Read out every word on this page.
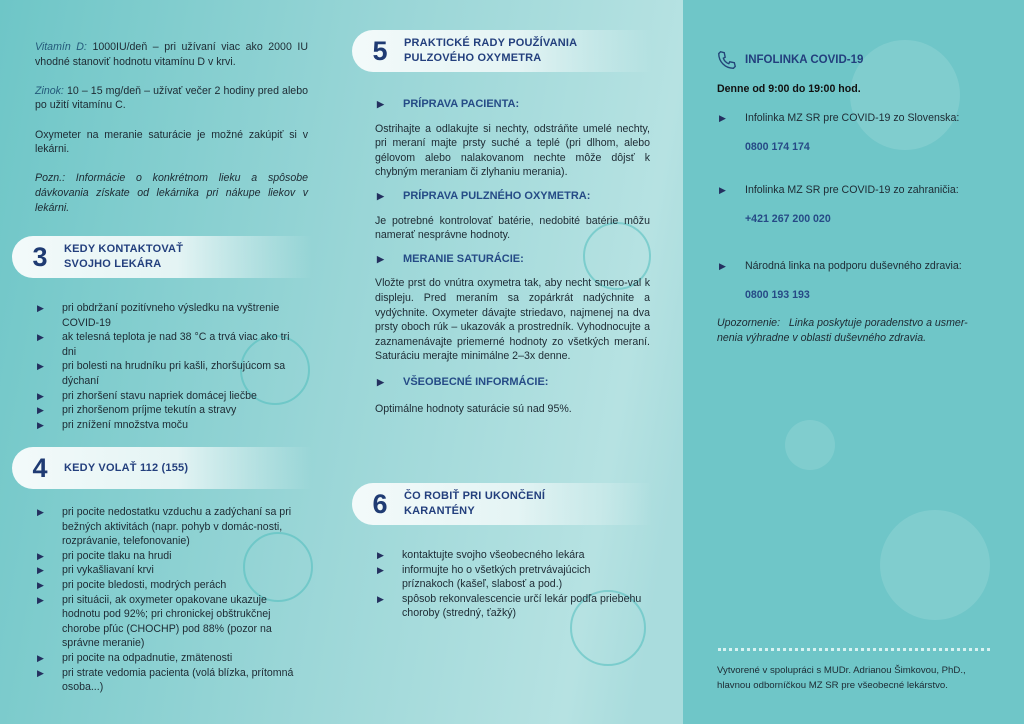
Vitamín D: 1000IU/deň – pri užívaní viac ako 2000 IU vhodné stanoviť hodnotu vitamínu D v krvi.

Zinok: 10 – 15 mg/deň – užívať večer 2 hodiny pred alebo po užití vitamínu C.

Oxymeter na meranie saturácie je možné zakúpiť si v lekárni.

Pozn.: Informácie o konkrétnom lieku a spôsobe dávkovania získate od lekárnika pri nákupe liekov v lekárni.

3	KEDY KONTAKTOVAŤ
SVOJHO LEKÁRA
▶	pri obdržaní pozitívneho výsledku na vyštrenie COVID-19
▶	ak telesná teplota je nad 38 °C a trvá viac ako tri dni
▶	pri bolesti na hrudníku pri kašli, zhoršujúcom sa dýchaní
▶	pri zhoršení stavu napriek domácej liečbe
▶	pri zhoršenom príjme tekutín a stravy
▶	pri znížení množstva moču
4	KEDY VOLAŤ 112 (155)
▶	pri pocite nedostatku vzduchu a zadýchaní sa pri bežných aktivitách (napr. pohyb v domác-nosti, rozprávanie, telefonovanie)
▶	pri pocite tlaku na hrudi
▶	pri vykašliavaní krvi
▶	pri pocite bledosti, modrých perách
▶	pri situácii, ak oxymeter opakovane ukazuje hodnotu pod 92%; pri chronickej obštrukčnej chorobe pľúc (CHOCHP) pod 88% (pozor na správne meranie)
▶	pri pocite na odpadnutie, zmätenosti
▶	pri strate vedomia pacienta (volá blízka, prítomná osoba...)
5	PRAKTICKÉ RADY POUŽÍVANIA
PULZOVÉHO OXYMETRA
▶	PRÍPRAVA PACIENTA:

Ostrihajte a odlakujte si nechty, odstráňte umelé nechty, pri meraní majte prsty suché a teplé (pri dlhom, alebo gélovom alebo nalakovanom nechte môže dôjsť k chybným meraniam či zlyhaniu merania).

▶	PRÍPRAVA PULZNÉHO OXYMETRA:

Je potrebné kontrolovať batérie, nedobité batérie môžu namerať nesprávne hodnoty.

▶	MERANIE SATURÁCIE:

Vložte prst do vnútra oxymetra tak, aby necht smero-val k displeju. Pred meraním sa zopárkrát nadýchnite a vydýchnite. Oxymeter dávajte striedavo, najmenej na dva prsty oboch rúk – ukazovák a prostredník. Vyhodnocujte a zaznamenávajte priemerné hodnoty zo všetkých meraní. Saturáciu merajte minimálne 2–3x denne.

▶	VŠEOBECNÉ INFORMÁCIE:

Optimálne hodnoty saturácie sú nad 95%.

6	ČO ROBIŤ PRI UKONČENÍ
KARANTÉNY
▶	kontaktujte svojho všeobecného lekára
▶	informujte ho o všetkých pretrvávajúcich príznakoch (kašeľ, slabosť a pod.)
▶	spôsob rekonvalescencie určí lekár podľa priebehu choroby (stredný, ťažký)
INFOLINKA COVID-19
Denne od 9:00 do 19:00 hod.
▶	Infolinka MZ SR pre COVID-19 zo Slovenska:
0800 174 174
▶	Infolinka MZ SR pre COVID-19 zo zahraničia:
+421 267 200 020
▶	Národná linka na podporu duševného zdravia:
0800 193 193
Upozornenie: Linka poskytuje poradenstvo a usmer-nenia výhradne v oblasti duševného zdravia.
Vytvorené v spolupráci s MUDr. Adrianou Šimkovou, PhD., hlavnou odborníčkou MZ SR pre všeobecné lekárstvo.
